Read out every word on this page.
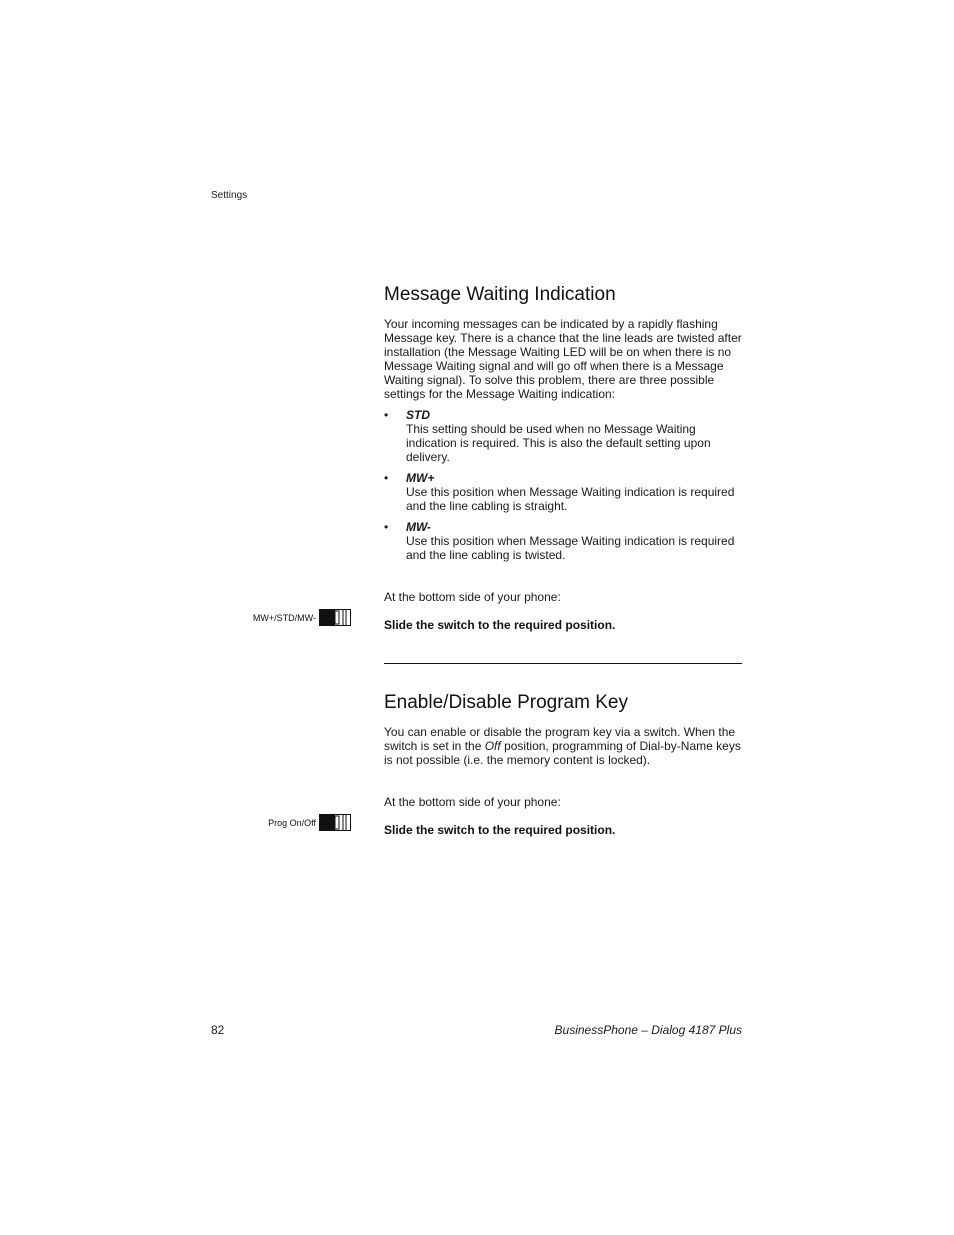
Settings
Message Waiting Indication

Your incoming messages can be indicated by a rapidly flashing Message key. There is a chance that the line leads are twisted after installation (the Message Waiting LED will be on when there is no Message Waiting signal and will go off when there is a Message Waiting signal). To solve this problem, there are three possible settings for the Message Waiting indication:

• STD
This setting should be used when no Message Waiting indication is required. This is also the default setting upon delivery.
• MW+
Use this position when Message Waiting indication is required and the line cabling is straight.
• MW-
Use this position when Message Waiting indication is required and the line cabling is twisted.
At the bottom side of your phone:
MW+/STD/MW-	Slide the switch to the required position.
Enable/Disable Program Key

You can enable or disable the program key via a switch. When the switch is set in the Off position, programming of Dial-by-Name keys is not possible (i.e. the memory content is locked).

At the bottom side of your phone:
Prog On/Off	Slide the switch to the required position.
82	BusinessPhone – Dialog 4187 Plus
